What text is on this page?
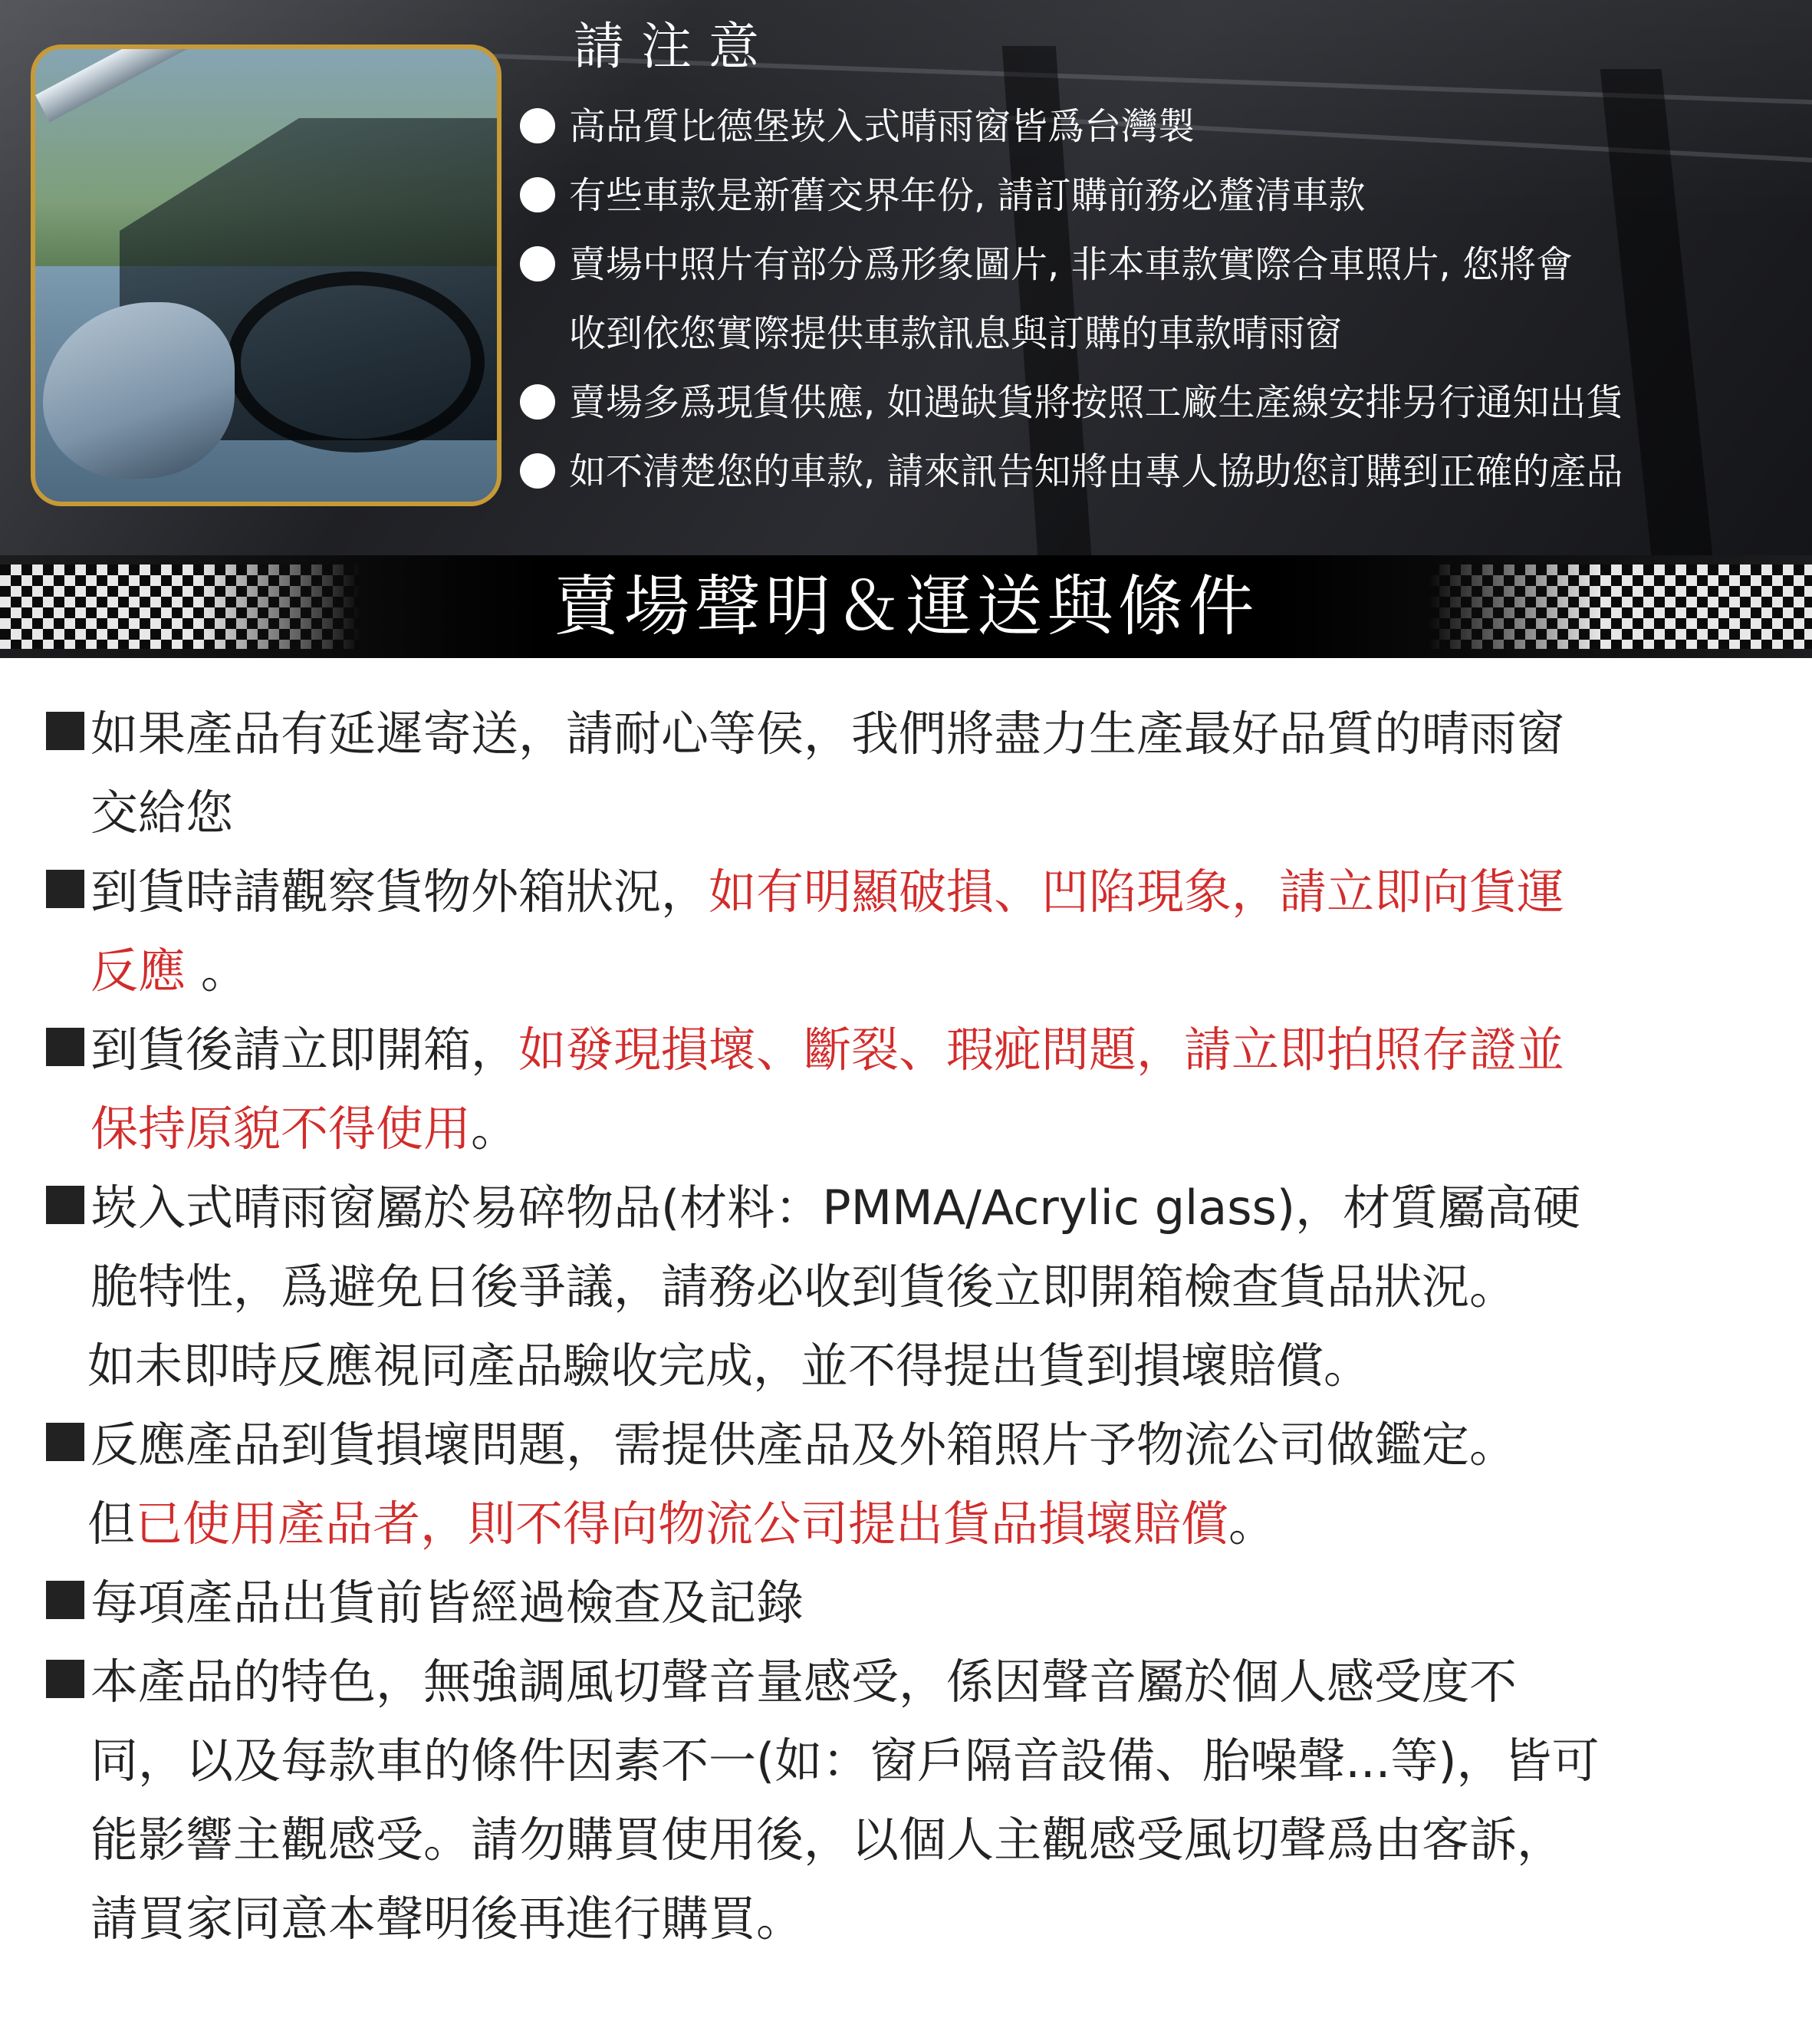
請注意
高品質比德堡崁入式晴雨窗皆爲台灣製
有些車款是新舊交界年份, 請訂購前務必釐清車款
賣場中照片有部分爲形象圖片, 非本車款實際合車照片, 您將會
收到依您實際提供車款訊息與訂購的車款晴雨窗
賣場多爲現貨供應, 如遇缺貨將按照工廠生產線安排另行通知出貨
如不清楚您的車款, 請來訊告知將由專人協助您訂購到正確的產品
賣場聲明＆運送與條件
如果產品有延遲寄送，請耐心等侯，我們將盡力生產最好品質的晴雨窗
交給您
到貨時請觀察貨物外箱狀況，如有明顯破損、凹陷現象，請立即向貨運
反應 。
到貨後請立即開箱，如發現損壞、斷裂、瑕疵問題，請立即拍照存證並
保持原貌不得使用。
崁入式晴雨窗屬於易碎物品(材料：PMMA/Acrylic glass)，材質屬高硬
脆特性，爲避免日後爭議，請務必收到貨後立即開箱檢查貨品狀況。
如未即時反應視同產品驗收完成，並不得提出貨到損壞賠償。
反應產品到貨損壞問題，需提供產品及外箱照片予物流公司做鑑定。
但已使用產品者，則不得向物流公司提出貨品損壞賠償。
每項產品出貨前皆經過檢查及記錄
本產品的特色，無強調風切聲音量感受，係因聲音屬於個人感受度不
同，以及每款車的條件因素不一(如：窗戶隔音設備、胎噪聲...等)，皆可
能影響主觀感受。請勿購買使用後，以個人主觀感受風切聲爲由客訴，
請買家同意本聲明後再進行購買。
